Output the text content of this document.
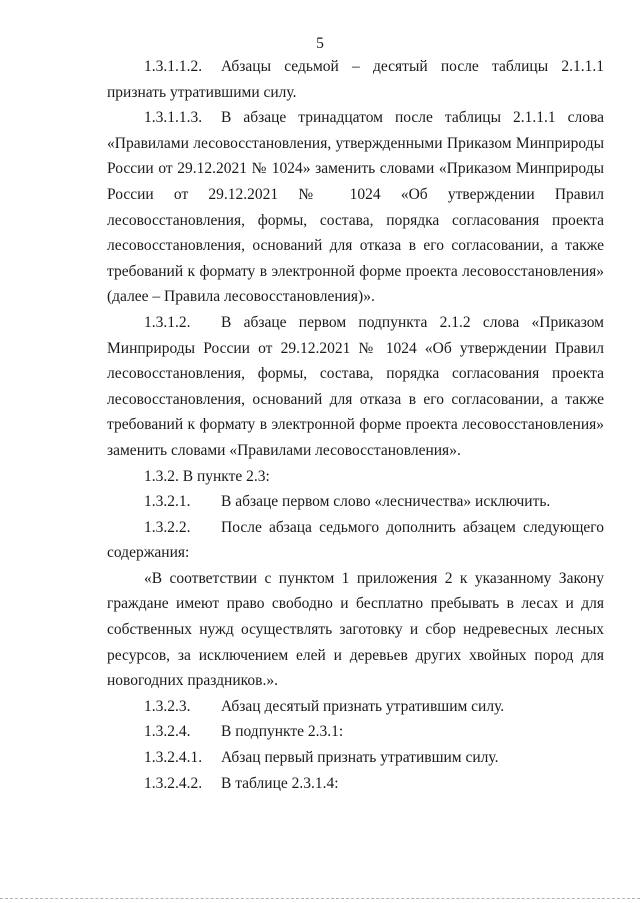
5

1.3.1.1.2. Абзацы седьмой – десятый после таблицы 2.1.1.1 признать утратившими силу.

1.3.1.1.3. В абзаце тринадцатом после таблицы 2.1.1.1 слова «Правилами лесовосстановления, утвержденными Приказом Минприроды России от 29.12.2021 № 1024» заменить словами «Приказом Минприроды России от 29.12.2021 № 1024 «Об утверждении Правил лесовосстановления, формы, состава, порядка согласования проекта лесовосстановления, оснований для отказа в его согласовании, а также требований к формату в электронной форме проекта лесовосстановления» (далее – Правила лесовосстановления)».

1.3.1.2. В абзаце первом подпункта 2.1.2 слова «Приказом Минприроды России от 29.12.2021 № 1024 «Об утверждении Правил лесовосстановления, формы, состава, порядка согласования проекта лесовосстановления, оснований для отказа в его согласовании, а также требований к формату в электронной форме проекта лесовосстановления» заменить словами «Правилами лесовосстановления».

1.3.2. В пункте 2.3:

1.3.2.1. В абзаце первом слово «лесничества» исключить.

1.3.2.2. После абзаца седьмого дополнить абзацем следующего содержания:

«В соответствии с пунктом 1 приложения 2 к указанному Закону граждане имеют право свободно и бесплатно пребывать в лесах и для собственных нужд осуществлять заготовку и сбор недревесных лесных ресурсов, за исключением елей и деревьев других хвойных пород для новогодних праздников.».

1.3.2.3. Абзац десятый признать утратившим силу.

1.3.2.4. В подпункте 2.3.1:

1.3.2.4.1. Абзац первый признать утратившим силу.

1.3.2.4.2. В таблице 2.3.1.4:
